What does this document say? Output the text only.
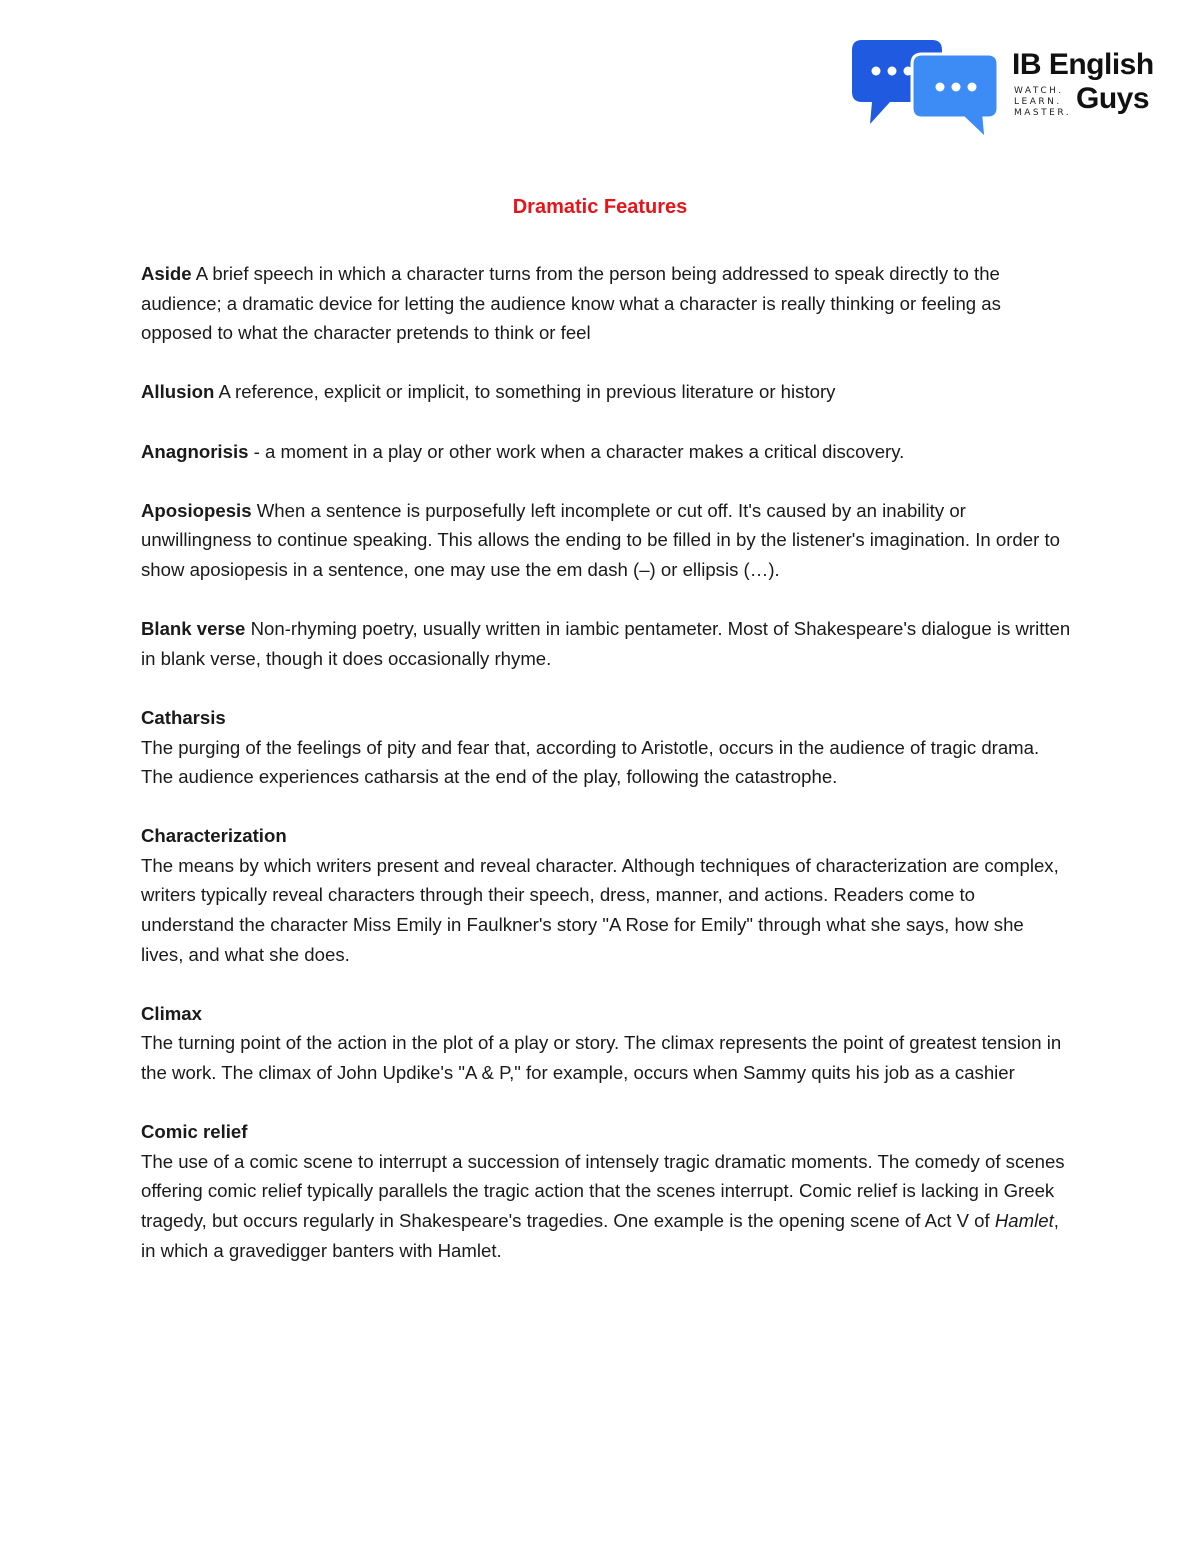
IB English
WATCH.
LEARN.
MASTER. Guys
Dramatic Features
Aside A brief speech in which a character turns from the person being addressed to speak directly to the audience; a dramatic device for letting the audience know what a character is really thinking or feeling as opposed to what the character pretends to think or feel
Allusion A reference, explicit or implicit, to something in previous literature or history
Anagnorisis - a moment in a play or other work when a character makes a critical discovery.
Aposiopesis When a sentence is purposefully left incomplete or cut off. It's caused by an inability or unwillingness to continue speaking. This allows the ending to be filled in by the listener's imagination. In order to show aposiopesis in a sentence, one may use the em dash (–) or ellipsis (…).
Blank verse Non-rhyming poetry, usually written in iambic pentameter. Most of Shakespeare's dialogue is written in blank verse, though it does occasionally rhyme.
Catharsis
The purging of the feelings of pity and fear that, according to Aristotle, occurs in the audience of tragic drama. The audience experiences catharsis at the end of the play, following the catastrophe.
Characterization
The means by which writers present and reveal character. Although techniques of characterization are complex, writers typically reveal characters through their speech, dress, manner, and actions. Readers come to understand the character Miss Emily in Faulkner's story "A Rose for Emily" through what she says, how she lives, and what she does.
Climax
The turning point of the action in the plot of a play or story. The climax represents the point of greatest tension in the work. The climax of John Updike's "A & P," for example, occurs when Sammy quits his job as a cashier
Comic relief
The use of a comic scene to interrupt a succession of intensely tragic dramatic moments. The comedy of scenes offering comic relief typically parallels the tragic action that the scenes interrupt. Comic relief is lacking in Greek tragedy, but occurs regularly in Shakespeare's tragedies. One example is the opening scene of Act V of Hamlet, in which a gravedigger banters with Hamlet.
